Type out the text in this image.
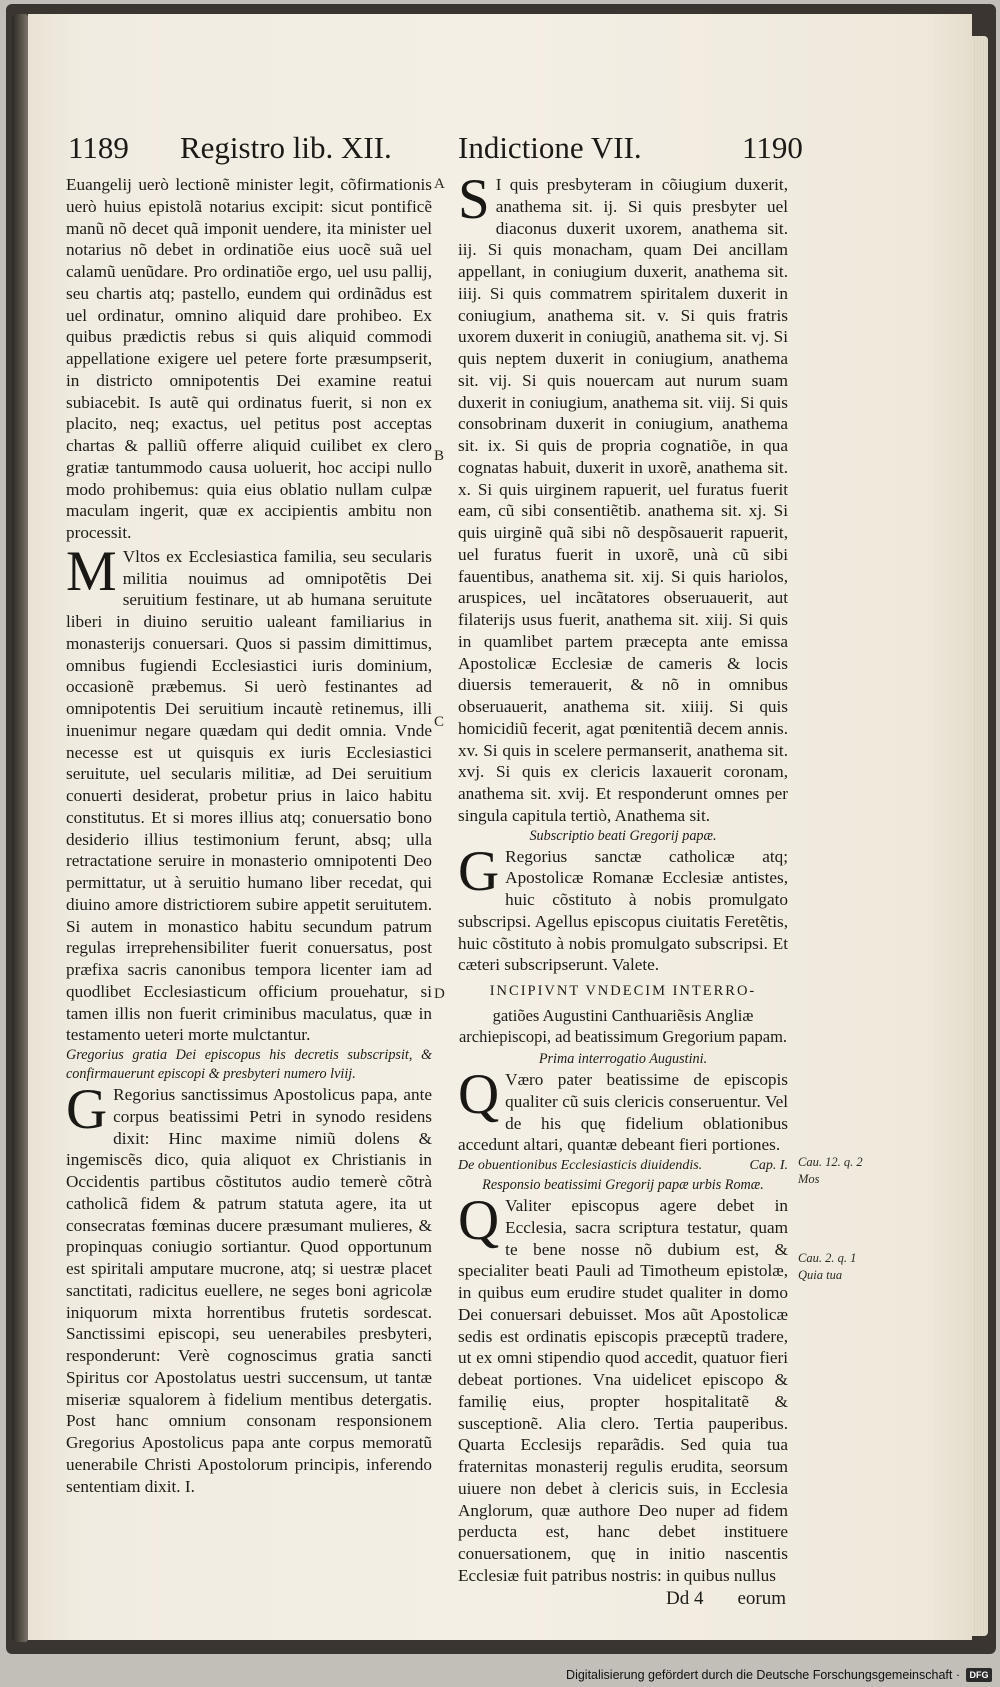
1189 Registro lib. XII. Indictione VII.	1190
A
B
C
D

Euangelij uerò lectionẽ minister legit, cõfirmationis uerò huius epistolã notarius excipit: sicut pontificẽ manũ nõ decet quã imponit uendere, ita minister uel notarius nõ debet in ordinatiõe eius uocẽ suã uel calamũ uenũdare. Pro ordinatiõe ergo, uel usu pallij, seu chartis atq; pastello, eundem qui ordinãdus est uel ordinatur, omnino aliquid dare prohibeo. Ex quibus prædictis rebus si quis aliquid commodi appellatione exigere uel petere forte præsumpserit, in districto omnipotentis Dei examine reatui subiacebit. Is autẽ qui ordinatus fuerit, si non ex placito, neq; exactus, uel petitus post acceptas chartas & palliũ offerre aliquid cuilibet ex clero gratiæ tantummodo causa uoluerit, hoc accipi nullo modo prohibemus: quia eius oblatio nullam culpæ maculam ingerit, quæ ex accipientis ambitu non processit.

M Vltos ex Ecclesiastica familia, seu secularis militia nouimus ad omnipotẽtis Dei seruitium festinare, ut ab humana seruitute liberi in diuino seruitio ualeant familiarius in monasterijs conuersari. Quos si passim dimittimus, omnibus fugiendi Ecclesiastici iuris dominium, occasionẽ præbemus. Si uerò festinantes ad omnipotentis Dei seruitium incautè retinemus, illi inuenimur negare quædam qui dedit omnia. Vnde necesse est ut quisquis ex iuris Ecclesiastici seruitute, uel secularis militiæ, ad Dei seruitium conuerti desiderat, probetur prius in laico habitu constitutus. Et si mores illius atq; conuersatio bono desiderio illius testimonium ferunt, absq; ulla retractatione seruire in monasterio omnipotenti Deo permittatur, ut à seruitio humano liber recedat, qui diuino amore districtiorem subire appetit seruitutem. Si autem in monastico habitu secundum patrum regulas irreprehensibiliter fuerit conuersatus, post præfixa sacris canonibus tempora licenter iam ad quodlibet Ecclesiasticum officium prouehatur, si tamen illis non fuerit criminibus maculatus, quæ in testamento ueteri morte mulctantur.

Gregorius gratia Dei episcopus his decretis subscripsit, & confirmauerunt episcopi & presbyteri numero lviij.

G Regorius sanctissimus Apostolicus papa, ante corpus beatissimi Petri in synodo residens dixit: Hinc maxime nimiũ dolens & ingemiscẽs dico, quia aliquot ex Christianis in Occidentis partibus cõstitutos audio temerè cõtrà catholicã fidem & patrum statuta agere, ita ut consecratas fœminas ducere præsumant mulieres, & propinquas coniugio sortiantur. Quod opportunum est spiritali amputare mucrone, atq; si uestræ placet sanctitati, radicitus euellere, ne seges boni agricolæ iniquorum mixta horrentibus frutetis sordescat. Sanctissimi episcopi, seu uenerabiles presbyteri, responderunt: Verè cognoscimus gratia sancti Spiritus cor Apostolatus uestri succensum, ut tantæ miseriæ squalorem à fidelium mentibus detergatis. Post hanc omnium consonam responsionem Gregorius Apostolicus papa ante corpus memoratũ uenerabile Christi Apostolorum principis, inferendo sententiam dixit. I.

S I quis presbyteram in cõiugium duxerit, anathema sit. ij. Si quis presbyter uel diaconus duxerit uxorem, anathema sit. iij. Si quis monacham, quam Dei ancillam appellant, in coniugium duxerit, anathema sit. iiij. Si quis commatrem spiritalem duxerit in coniugium, anathema sit. v. Si quis fratris uxorem duxerit in coniugiũ, anathema sit. vj. Si quis neptem duxerit in coniugium, anathema sit. vij. Si quis nouercam aut nurum suam duxerit in coniugium, anathema sit. viij. Si quis consobrinam duxerit in coniugium, anathema sit. ix. Si quis de propria cognatiõe, in qua cognatas habuit, duxerit in uxorẽ, anathema sit. x. Si quis uirginem rapuerit, uel furatus fuerit eam, cũ sibi consentiẽtib. anathema sit. xj. Si quis uirginẽ quã sibi nõ despõsauerit rapuerit, uel furatus fuerit in uxorẽ, unà cũ sibi fauentibus, anathema sit. xij. Si quis hariolos, aruspices, uel incãtatores obseruauerit, aut filaterijs usus fuerit, anathema sit. xiij. Si quis in quamlibet partem præcepta ante emissa Apostolicæ Ecclesiæ de cameris & locis diuersis temerauerit, & nõ in omnibus obseruauerit, anathema sit. xiiij. Si quis homicidiũ fecerit, agat pœnitentiã decem annis. xv. Si quis in scelere permanserit, anathema sit. xvj. Si quis ex clericis laxauerit coronam, anathema sit. xvij. Et responderunt omnes per singula capitula tertiò, Anathema sit.

Subscriptio beati Gregorij papæ.

G Regorius sanctæ catholicæ atq; Apostolicæ Romanæ Ecclesiæ antistes, huic cõstituto à nobis promulgato subscripsi. Agellus episcopus ciuitatis Feretẽtis, huic cõstituto à nobis promulgato subscripsi. Et cæteri subscripserunt. Valete.

INCIPIVNT VNDECIM INTERRO-
gatiões Augustini Canthuariẽsis Angliæ archiepiscopi, ad beatissimum Gregorium papam.

Prima interrogatio Augustini.

Q Værо pater beatissime de episcopis qualiter cũ suis clericis conseruentur. Vel de his quę fidelium oblationibus accedunt altari, quantæ debeant fieri portiones.

De obuentionibus Ecclesiasticis diuidendis.	Cap. I.

Responsio beatissimi Gregorij papæ urbis Romæ.

Q Valiter episcopus agere debet in Ecclesia, sacra scriptura testatur, quam te bene nosse nõ dubium est, & specialiter beati Pauli ad Timotheum epistolæ, in quibus eum erudire studet qualiter in domo Dei conuersari debuisset. Mos aũt Apostolicæ sedis est ordinatis episcopis præceptũ tradere, ut ex omni stipendio quod accedit, quatuor fieri debeat portiones. Vna uidelicet episcopo & familię eius, propter hospitalitatẽ & susceptionẽ. Alia clero. Tertia pauperibus. Quarta Ecclesijs reparãdis. Sed quia tua fraternitas monasterij regulis erudita, seorsum uiuere non debet à clericis suis, in Ecclesia Anglorum, quæ authore Deo nuper ad fidem perducta est, hanc debet instituere conuersationem, quę in initio nascentis Ecclesiæ fuit patribus nostris: in quibus nullus

Dd 4 eorum
Cau. 12. q. 2
Mos
Cau. 2. q. 1
Quia tua
Digitalisierung gefördert durch die Deutsche Forschungsgemeinschaft ·	DFG
